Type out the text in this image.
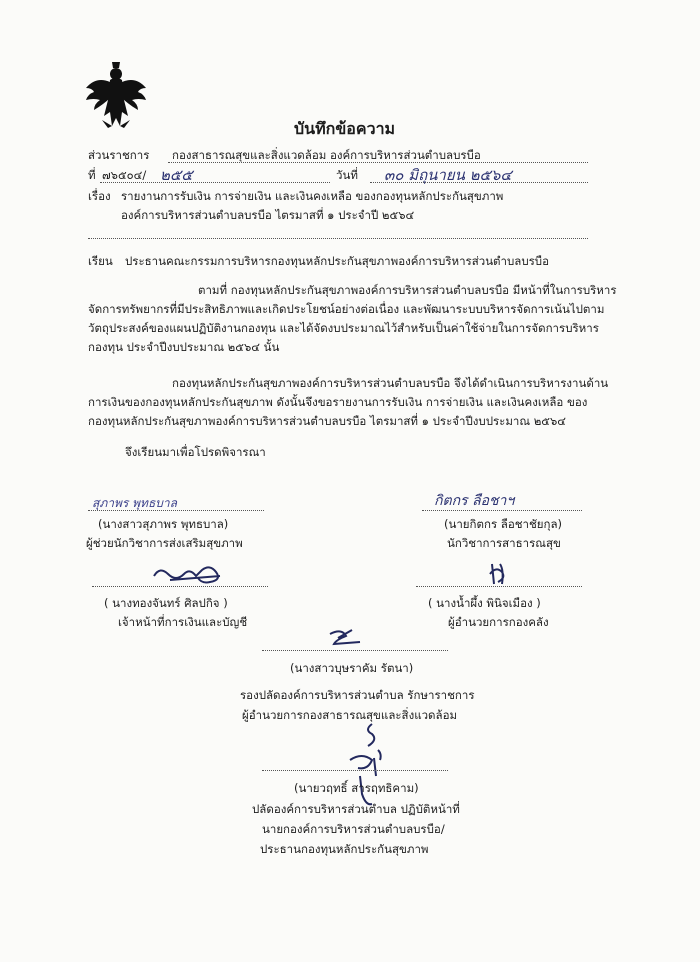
บันทึกข้อความ
ส่วนราชการ กองสาธารณสุขและสิ่งแวดล้อม องค์การบริหารส่วนตำบลบรบือ
ที่ ๗๖๕๐๔/ ๒๕๕	วันที่ ๓๐ มิถุนายน ๒๕๖๔
เรื่อง รายงานการรับเงิน การจ่ายเงิน และเงินคงเหลือ ของกองทุนหลักประกันสุขภาพ
องค์การบริหารส่วนตำบลบรบือ ไตรมาสที่ ๑ ประจำปี ๒๕๖๔
เรียน ประธานคณะกรรมการบริหารกองทุนหลักประกันสุขภาพองค์การบริหารส่วนตำบลบรบือ
ตามที่ กองทุนหลักประกันสุขภาพองค์การบริหารส่วนตำบลบรบือ มีหน้าที่ในการบริหาร
จัดการทรัพยากรที่มีประสิทธิภาพและเกิดประโยชน์อย่างต่อเนื่อง และพัฒนาระบบบริหารจัดการเน้นไปตาม
วัตถุประสงค์ของแผนปฏิบัติงานกองทุน และได้จัดงบประมาณไว้สำหรับเป็นค่าใช้จ่ายในการจัดการบริหาร
กองทุน ประจำปีงบประมาณ ๒๕๖๔ นั้น
กองทุนหลักประกันสุขภาพองค์การบริหารส่วนตำบลบรบือ จึงได้ดำเนินการบริหารงานด้าน
การเงินของกองทุนหลักประกันสุขภาพ ดังนั้นจึงขอรายงานการรับเงิน การจ่ายเงิน และเงินคงเหลือ ของ
กองทุนหลักประกันสุขภาพองค์การบริหารส่วนตำบลบรบือ ไตรมาสที่ ๑ ประจำปีงบประมาณ ๒๕๖๔
จึงเรียนมาเพื่อโปรดพิจารณา
สุภาพร พุทธบาล
(นางสาวสุภาพร พุทธบาล)
ผู้ช่วยนักวิชาการส่งเสริมสุขภาพ
กิตกร ลือชาฯ
(นายกิตกร ลือชาชัยกุล)
นักวิชาการสาธารณสุข
( นางทองจันทร์ ศิลปกิจ )
เจ้าหน้าที่การเงินและบัญชี
( นางน้ำผึ้ง พินิจเมือง )
ผู้อำนวยการกองคลัง
(นางสาวบุษราคัม รัตนา)
รองปลัดองค์การบริหารส่วนตำบล รักษาราชการ
ผู้อำนวยการกองสาธารณสุขและสิ่งแวดล้อม
(นายวฤทธิ์ สารฤทธิคาม)
ปลัดองค์การบริหารส่วนตำบล ปฏิบัติหน้าที่
นายกองค์การบริหารส่วนตำบลบรบือ/
ประธานกองทุนหลักประกันสุขภาพ
